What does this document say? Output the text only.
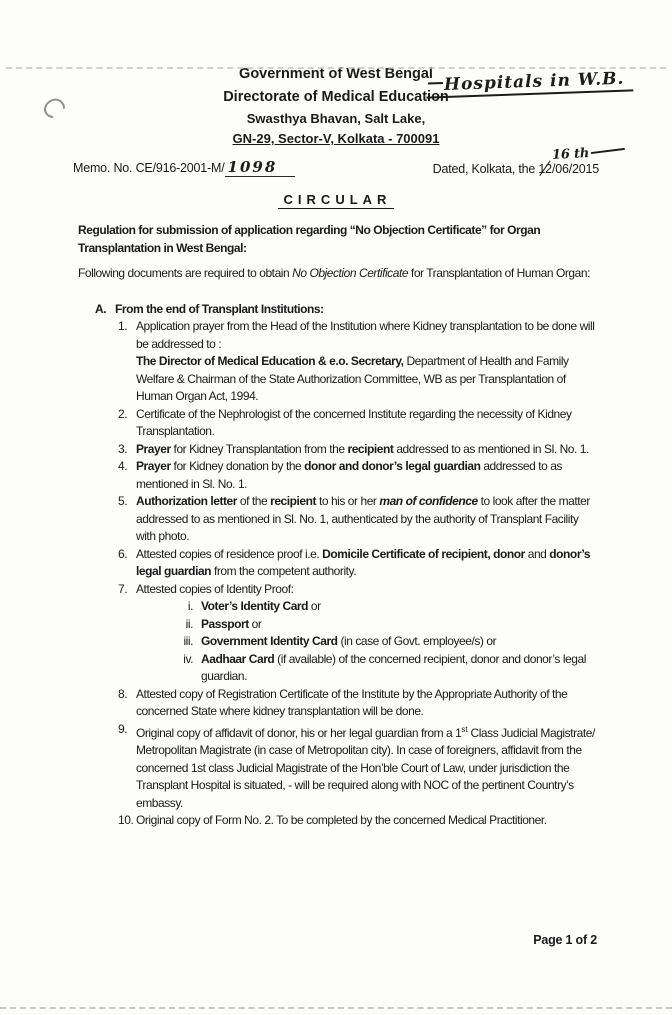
Hospitals in W.B.
Government of West Bengal
Directorate of Medical Education
Swasthya Bhavan, Salt Lake,
GN-29, Sector-V, Kolkata - 700091
Memo. No. CE/916-2001-M/ 1098	Dated, Kolkata, the 12/06/2015
16 th
CIRCULAR
Regulation for submission of application regarding “No Objection Certificate” for Organ Transplantation in West Bengal:
Following documents are required to obtain No Objection Certificate for Transplantation of Human Organ:
A. From the end of Transplant Institutions:
1. Application prayer from the Head of the Institution where Kidney transplantation to be done will be addressed to :
The Director of Medical Education & e.o. Secretary, Department of Health and Family Welfare & Chairman of the State Authorization Committee, WB as per Transplantation of Human Organ Act, 1994.
2. Certificate of the Nephrologist of the concerned Institute regarding the necessity of Kidney Transplantation.
3. Prayer for Kidney Transplantation from the recipient addressed to as mentioned in Sl. No. 1.
4. Prayer for Kidney donation by the donor and donor’s legal guardian addressed to as mentioned in Sl. No. 1.
5. Authorization letter of the recipient to his or her man of confidence to look after the matter addressed to as mentioned in Sl. No. 1, authenticated by the authority of Transplant Facility with photo.
6. Attested copies of residence proof i.e. Domicile Certificate of recipient, donor and donor’s legal guardian from the competent authority.
7. Attested copies of Identity Proof:
i. Voter’s Identity Card or
ii. Passport or
iii. Government Identity Card (in case of Govt. employee/s) or
iv. Aadhaar Card (if available) of the concerned recipient, donor and donor’s legal guardian.
8. Attested copy of Registration Certificate of the Institute by the Appropriate Authority of the concerned State where kidney transplantation will be done.
9. Original copy of affidavit of donor, his or her legal guardian from a 1st Class Judicial Magistrate/ Metropolitan Magistrate (in case of Metropolitan city). In case of foreigners, affidavit from the concerned 1st class Judicial Magistrate of the Hon’ble Court of Law, under jurisdiction the Transplant Hospital is situated, - will be required along with NOC of the pertinent Country’s embassy.
10. Original copy of Form No. 2. To be completed by the concerned Medical Practitioner.
Page 1 of 2
